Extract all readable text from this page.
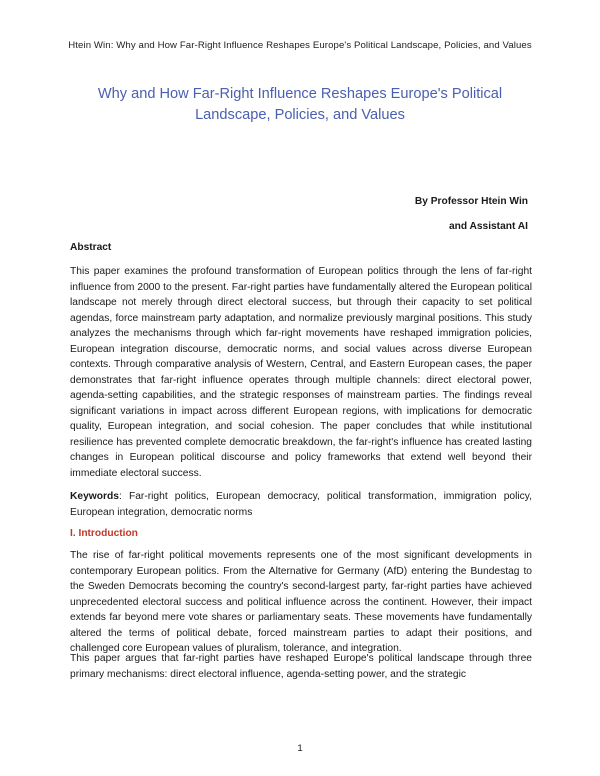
Htein Win: Why and How Far-Right Influence Reshapes Europe's Political Landscape, Policies, and Values
Why and How Far-Right Influence Reshapes Europe's Political Landscape, Policies, and Values
By Professor Htein Win
and Assistant AI
Abstract
This paper examines the profound transformation of European politics through the lens of far-right influence from 2000 to the present. Far-right parties have fundamentally altered the European political landscape not merely through direct electoral success, but through their capacity to set political agendas, force mainstream party adaptation, and normalize previously marginal positions. This study analyzes the mechanisms through which far-right movements have reshaped immigration policies, European integration discourse, democratic norms, and social values across diverse European contexts. Through comparative analysis of Western, Central, and Eastern European cases, the paper demonstrates that far-right influence operates through multiple channels: direct electoral power, agenda-setting capabilities, and the strategic responses of mainstream parties. The findings reveal significant variations in impact across different European regions, with implications for democratic quality, European integration, and social cohesion. The paper concludes that while institutional resilience has prevented complete democratic breakdown, the far-right's influence has created lasting changes in European political discourse and policy frameworks that extend well beyond their immediate electoral success.
Keywords: Far-right politics, European democracy, political transformation, immigration policy, European integration, democratic norms
I. Introduction
The rise of far-right political movements represents one of the most significant developments in contemporary European politics. From the Alternative for Germany (AfD) entering the Bundestag to the Sweden Democrats becoming the country's second-largest party, far-right parties have achieved unprecedented electoral success and political influence across the continent. However, their impact extends far beyond mere vote shares or parliamentary seats. These movements have fundamentally altered the terms of political debate, forced mainstream parties to adapt their positions, and challenged core European values of pluralism, tolerance, and integration.
This paper argues that far-right parties have reshaped Europe's political landscape through three primary mechanisms: direct electoral influence, agenda-setting power, and the strategic
1
